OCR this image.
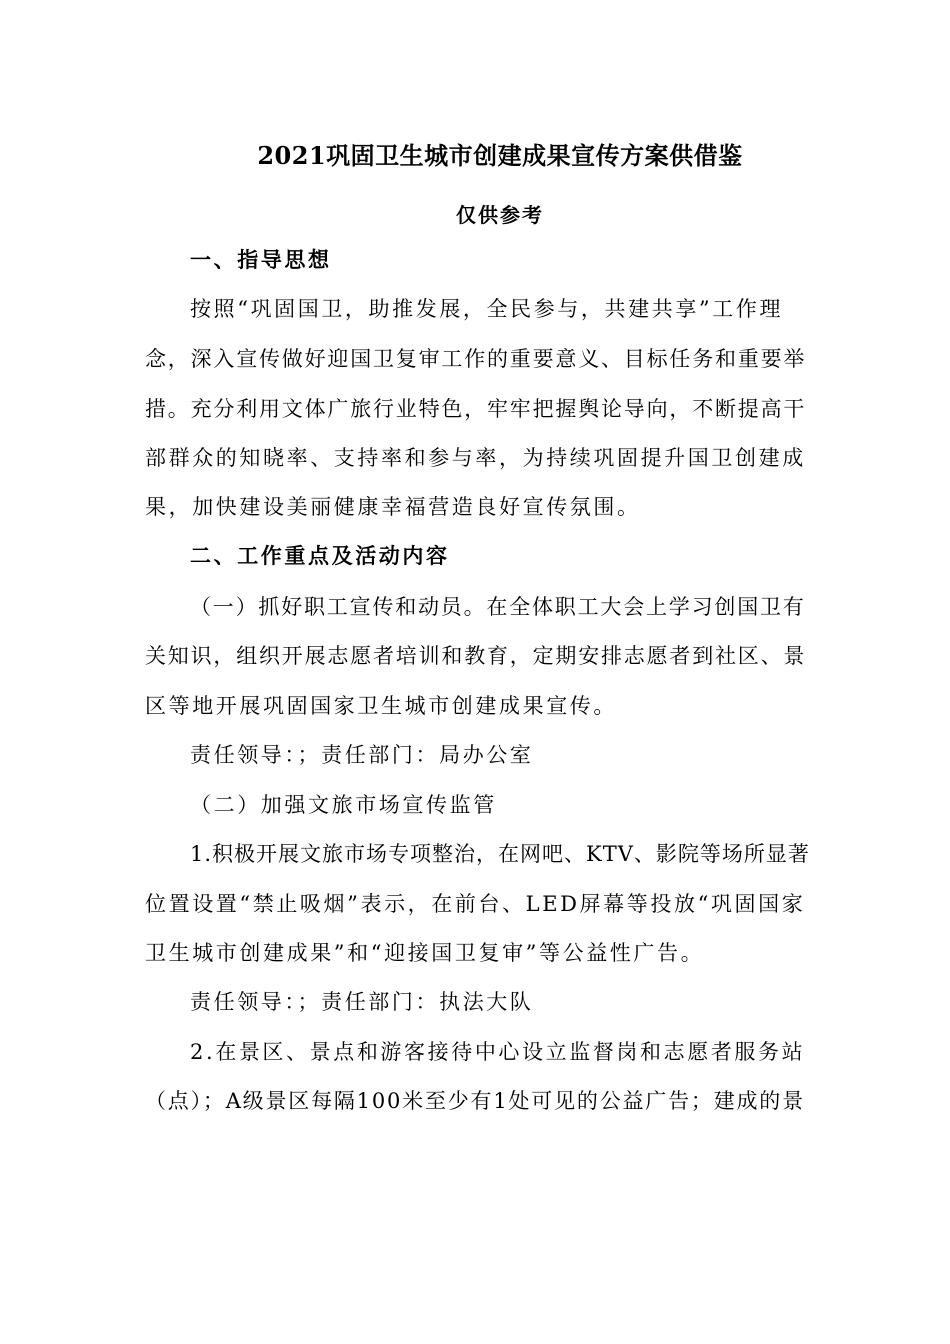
2021巩固卫生城市创建成果宣传方案供借鉴
仅供参考
一、指导思想
按照“巩固国卫，助推发展，全民参与，共建共享”工作理
念，深入宣传做好迎国卫复审工作的重要意义、目标任务和重要举
措。充分利用文体广旅行业特色，牢牢把握舆论导向，不断提高干
部群众的知晓率、支持率和参与率，为持续巩固提升国卫创建成
果，加快建设美丽健康幸福营造良好宣传氛围。
二、工作重点及活动内容
（一）抓好职工宣传和动员。在全体职工大会上学习创国卫有
关知识，组织开展志愿者培训和教育，定期安排志愿者到社区、景
区等地开展巩固国家卫生城市创建成果宣传。
责任领导：；责任部门：局办公室
（二）加强文旅市场宣传监管
1.积极开展文旅市场专项整治，在网吧、KTV、影院等场所显著
位置设置“禁止吸烟”表示，在前台、LED屏幕等投放“巩固国家
卫生城市创建成果”和“迎接国卫复审”等公益性广告。
责任领导：；责任部门：执法大队
2.在景区、景点和游客接待中心设立监督岗和志愿者服务站
（点）；A级景区每隔100米至少有1处可见的公益广告；建成的景
